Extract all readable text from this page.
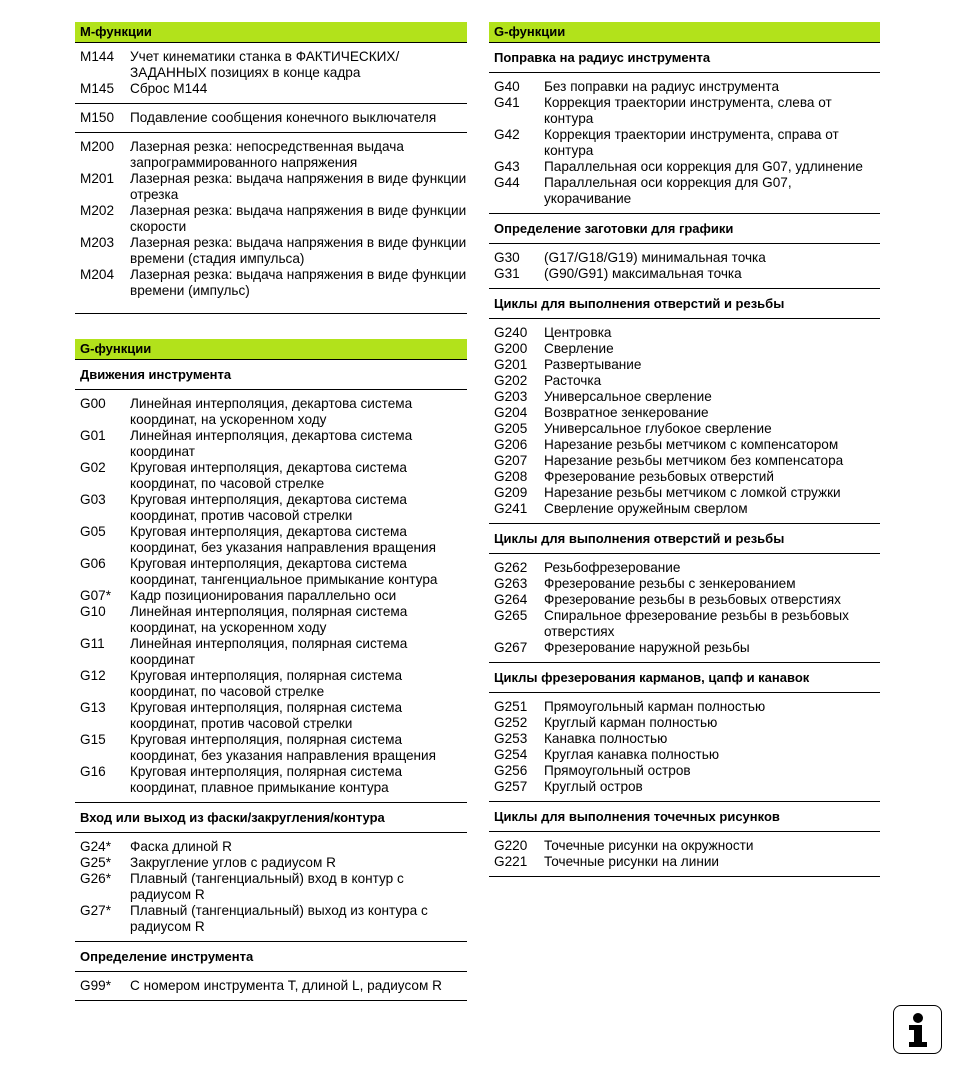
М-функции
M144	Учет кинематики станка в ФАКТИЧЕСКИХ/ ЗАДАННЫХ позициях в конце кадра
M145	Сброс M144
M150	Подавление сообщения конечного выключателя
M200	Лазерная резка: непосредственная выдача запрограммированного напряжения
M201	Лазерная резка: выдача напряжения в виде функции отрезка
M202	Лазерная резка: выдача напряжения в виде функции скорости
M203	Лазерная резка: выдача напряжения в виде функции времени (стадия импульса)
M204	Лазерная резка: выдача напряжения в виде функции времени (импульс)
G-функции
Движения инструмента
G00	Линейная интерполяция, декартова система координат, на ускоренном ходу
G01	Линейная интерполяция, декартова система координат
G02	Круговая интерполяция, декартова система координат, по часовой стрелке
G03	Круговая интерполяция, декартова система координат, против часовой стрелки
G05	Круговая интерполяция, декартова система координат, без указания направления вращения
G06	Круговая интерполяция, декартова система координат, тангенциальное примыкание контура
G07*	Кадр позиционирования параллельно оси
G10	Линейная интерполяция, полярная система координат, на ускоренном ходу
G11	Линейная интерполяция, полярная система координат
G12	Круговая интерполяция, полярная система координат, по часовой стрелке
G13	Круговая интерполяция, полярная система координат, против часовой стрелки
G15	Круговая интерполяция, полярная система координат, без указания направления вращения
G16	Круговая интерполяция, полярная система координат, плавное примыкание контура
Вход или выход из фаски/закругления/контура
G24*	Фаска длиной R
G25*	Закругление углов с радиусом R
G26*	Плавный (тангенциальный) вход в контур с радиусом R
G27*	Плавный (тангенциальный) выход из контура с радиусом R
Определение инструмента
G99*	С номером инструмента T, длиной L, радиусом R
G-функции
Поправка на радиус инструмента
G40	Без поправки на радиус инструмента
G41	Коррекция траектории инструмента, слева от контура
G42	Коррекция траектории инструмента, справа от контура
G43	Параллельная оси коррекция для G07, удлинение
G44	Параллельная оси коррекция для G07, укорачивание
Определение заготовки для графики
G30	(G17/G18/G19) минимальная точка
G31	(G90/G91) максимальная точка
Циклы для выполнения отверстий и резьбы
G240	Центровка
G200	Сверление
G201	Развертывание
G202	Расточка
G203	Универсальное сверление
G204	Возвратное зенкерование
G205	Универсальное глубокое сверление
G206	Нарезание резьбы метчиком с компенсатором
G207	Нарезание резьбы метчиком без компенсатора
G208	Фрезерование резьбовых отверстий
G209	Нарезание резьбы метчиком с ломкой стружки
G241	Сверление оружейным сверлом
Циклы для выполнения отверстий и резьбы
G262	Резьбофрезерование
G263	Фрезерование резьбы с зенкерованием
G264	Фрезерование резьбы в резьбовых отверстиях
G265	Спиральное фрезерование резьбы в резьбовых отверстиях
G267	Фрезерование наружной резьбы
Циклы фрезерования карманов, цапф и канавок
G251	Прямоугольный карман полностью
G252	Круглый карман полностью
G253	Канавка полностью
G254	Круглая канавка полностью
G256	Прямоугольный остров
G257	Круглый остров
Циклы для выполнения точечных рисунков
G220	Точечные рисунки на окружности
G221	Точечные рисунки на линии
